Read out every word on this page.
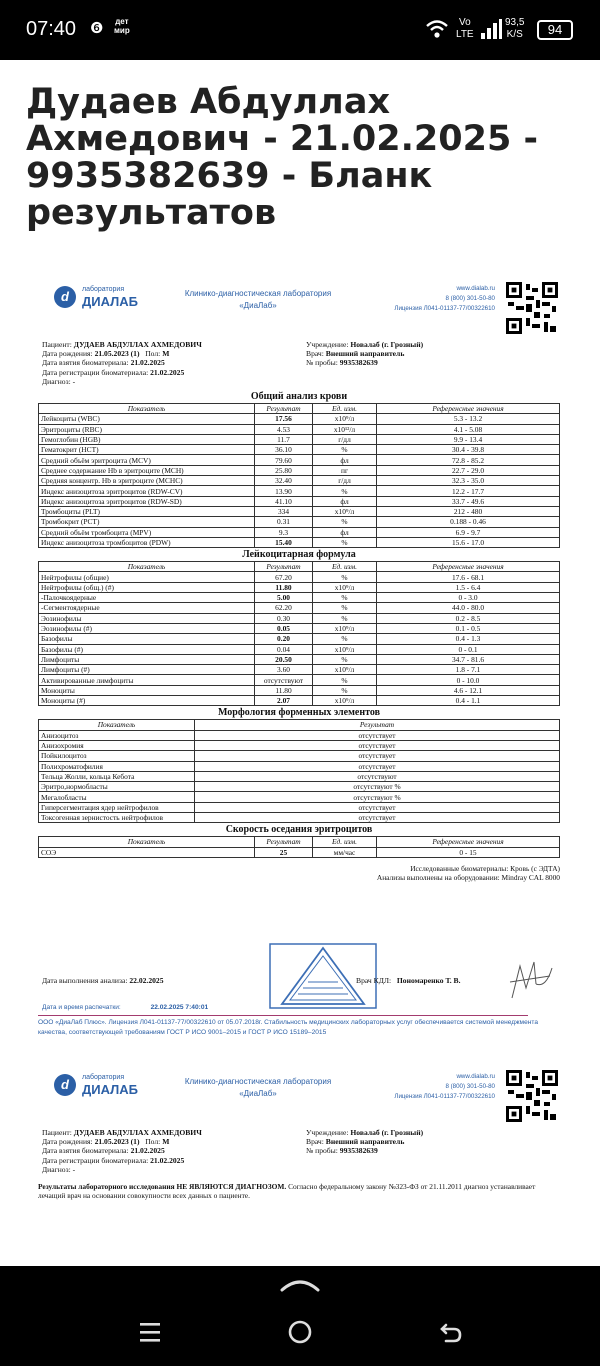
07:40 ❻ дет
мир
Vo
LTE
93,5
K/S	94
Дудаев Абдуллах Ахмедович - 21.02.2025 - 9935382639 - Бланк результатов
d	лаборатория
ДИАЛАБ
Клинико-диагностическая лаборатория
«ДиаЛаб»
www.dialab.ru
8 (800) 301-50-80
Лицензия Л041-01137-77/00322610
Пациент: ДУДАЕВ АБДУЛЛАХ АХМЕДОВИЧ
Дата рождения: 21.05.2023 (1) Пол: М
Дата взятия биоматериала: 21.02.2025
Дата регистрации биоматериала: 21.02.2025
Диагноз: -
Учреждение: Новалаб (г. Грозный)
Врач: Внешний направитель
№ пробы: 9935382639
Общий анализ крови
Показатель	Результат	Ед. изм.	Референсные значения
Лейкоциты (WBC)	17.56	x10⁹/л	5.3 - 13.2
Эритроциты (RBC)	4.53	x10¹²/л	4.1 - 5.08
Гемоглобин (HGB)	11.7	г/дл	9.9 - 13.4
Гематокрит (HCT)	36.10	%	30.4 - 39.8
Средний объём эритроцита (MCV)	79.60	фл	72.8 - 85.2
Среднее содержание Hb в эритроците (MCH)	25.80	пг	22.7 - 29.0
Средняя концентр. Hb в эритроците (MCHC)	32.40	г/дл	32.3 - 35.0
Индекс анизоцитоза эритроцитов (RDW-CV)	13.90	%	12.2 - 17.7
Индекс анизоцитоза эритроцитов (RDW-SD)	41.10	фл	33.7 - 49.6
Тромбоциты (PLT)	334	x10⁹/л	212 - 480
Тромбокрит (PCT)	0.31	%	0.188 - 0.46
Средний объём тромбоцита (MPV)	9.3	фл	6.9 - 9.7
Индекс анизоцитоза тромбоцитов (PDW)	15.40	%	15.6 - 17.0
Лейкоцитарная формула
Показатель	Результат	Ед. изм.	Референсные значения
Нейтрофилы (общие)	67.20	%	17.6 - 68.1
Нейтрофилы (общ.) (#)	11.80	x10⁹/л	1.5 - 6.4
-Палочкоядерные	5.00	%	0 - 3.0
-Сегментоядерные	62.20	%	44.0 - 80.0
Эозинофилы	0.30	%	0.2 - 8.5
Эозинофилы (#)	0.05	x10⁹/л	0.1 - 0.5
Базофилы	0.20	%	0.4 - 1.3
Базофилы (#)	0.04	x10⁹/л	0 - 0.1
Лимфоциты	20.50	%	34.7 - 81.6
Лимфоциты (#)	3.60	x10⁹/л	1.8 - 7.1
Активированные лимфоциты	отсутствуют	%	0 - 10.0
Моноциты	11.80	%	4.6 - 12.1
Моноциты (#)	2.07	x10⁹/л	0.4 - 1.1
Морфология форменных элементов
Показатель	Результат
Анизоцитоз	отсутствует
Анизохромия	отсутствует
Пойкилоцитоз	отсутствует
Полихроматофилия	отсутствует
Тельца Жолли, кольца Кебота	отсутствуют
Эритро,нормобласты	отсутствуют %
Мегалобласты	отсутствуют %
Гиперсегментация ядер нейтрофилов	отсутствует
Токсогенная зернистость нейтрофилов	отсутствует
Скорость оседания эритроцитов
Показатель	Результат	Ед. изм.	Референсные значения
СОЭ	25	мм/час	0 - 15
Исследованные биоматериалы: Кровь (с ЭДТА)
Анализы выполнены на оборудовании: Mindray CAL 8000
Дата выполнения анализа: 22.02.2025	Врач КДЛ: Пономаренко Т. В.
Дата и время распечатки:	22.02.2025 7:40:01
ООО «ДиаЛаб Плюс». Лицензия Л041-01137-77/00322610 от 05.07.2018г. Стабильность медицинских лабораторных услуг обеспечивается системой менеджмента качества, соответствующей требованиям ГОСТ Р ИСО 9001–2015 и ГОСТ Р ИСО 15189–2015
d	лаборатория
ДИАЛАБ
Клинико-диагностическая лаборатория
«ДиаЛаб»
www.dialab.ru
8 (800) 301-50-80
Лицензия Л041-01137-77/00322610
Пациент: ДУДАЕВ АБДУЛЛАХ АХМЕДОВИЧ
Дата рождения: 21.05.2023 (1) Пол: М
Дата взятия биоматериала: 21.02.2025
Дата регистрации биоматериала: 21.02.2025
Диагноз: -
Учреждение: Новалаб (г. Грозный)
Врач: Внешний направитель
№ пробы: 9935382639
Результаты лабораторного исследования НЕ ЯВЛЯЮТСЯ ДИАГНОЗОМ. Согласно федеральному закону №323-ФЗ от 21.11.2011 диагноз устанавливает лечащий врач на основании совокупности всех данных о пациенте.
